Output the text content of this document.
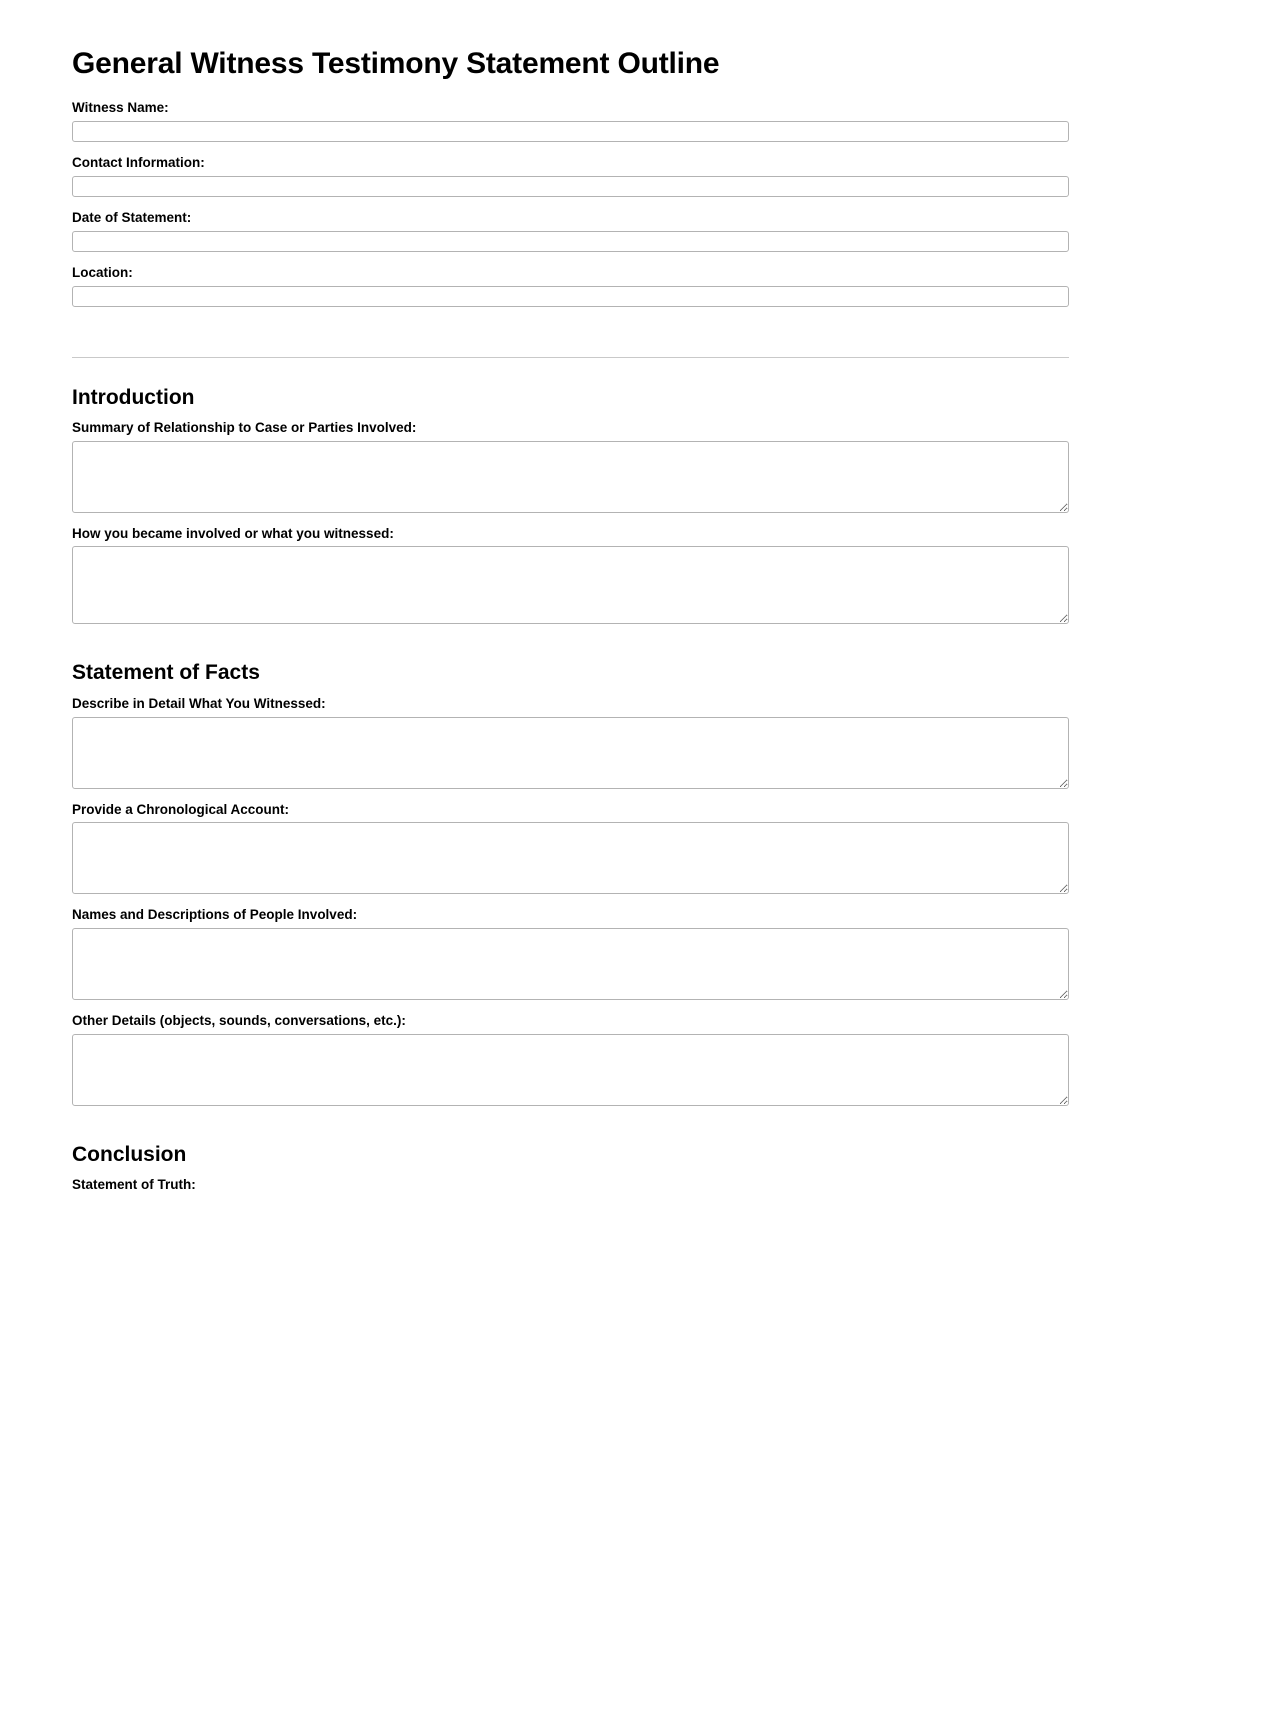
General Witness Testimony Statement Outline
Witness Name:
Contact Information:
Date of Statement:
Location:
Introduction
Summary of Relationship to Case or Parties Involved:
How you became involved or what you witnessed:
Statement of Facts
Describe in Detail What You Witnessed:
Provide a Chronological Account:
Names and Descriptions of People Involved:
Other Details (objects, sounds, conversations, etc.):
Conclusion
Statement of Truth:
